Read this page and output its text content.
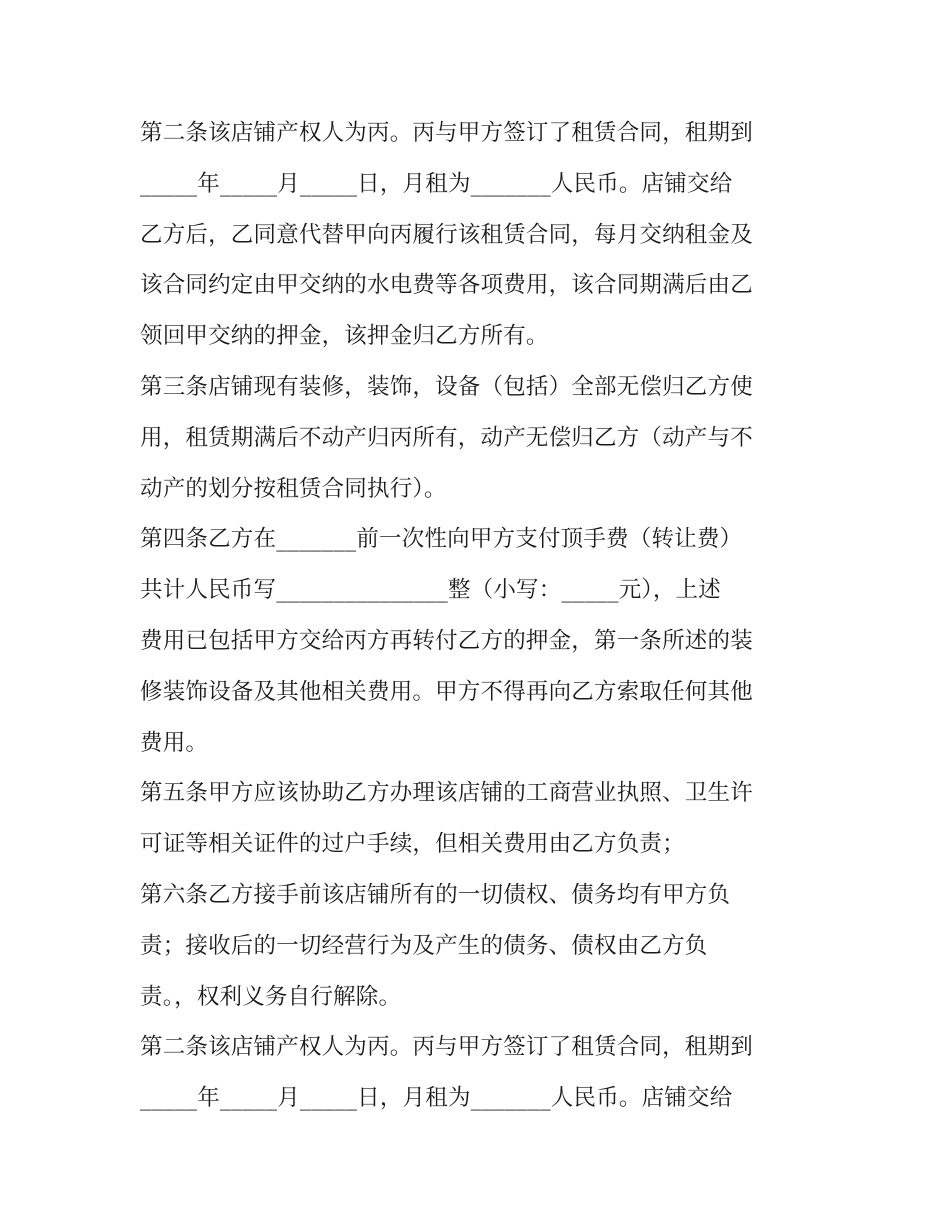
第二条该店铺产权人为丙。丙与甲方签订了租赁合同，租期到
_____年_____月_____日，月租为_______人民币。店铺交给
乙方后，乙同意代替甲向丙履行该租赁合同，每月交纳租金及
该合同约定由甲交纳的水电费等各项费用，该合同期满后由乙
领回甲交纳的押金，该押金归乙方所有。
第三条店铺现有装修，装饰，设备（包括）全部无偿归乙方使
用，租赁期满后不动产归丙所有，动产无偿归乙方（动产与不
动产的划分按租赁合同执行）。
第四条乙方在_______前一次性向甲方支付顶手费（转让费）
共计人民币写_______________整（小写：_____元），上述
费用已包括甲方交给丙方再转付乙方的押金，第一条所述的装
修装饰设备及其他相关费用。甲方不得再向乙方索取任何其他
费用。
第五条甲方应该协助乙方办理该店铺的工商营业执照、卫生许
可证等相关证件的过户手续，但相关费用由乙方负责；
第六条乙方接手前该店铺所有的一切债权、债务均有甲方负
责；接收后的一切经营行为及产生的债务、债权由乙方负
责。，权利义务自行解除。
第二条该店铺产权人为丙。丙与甲方签订了租赁合同，租期到
_____年_____月_____日，月租为_______人民币。店铺交给
